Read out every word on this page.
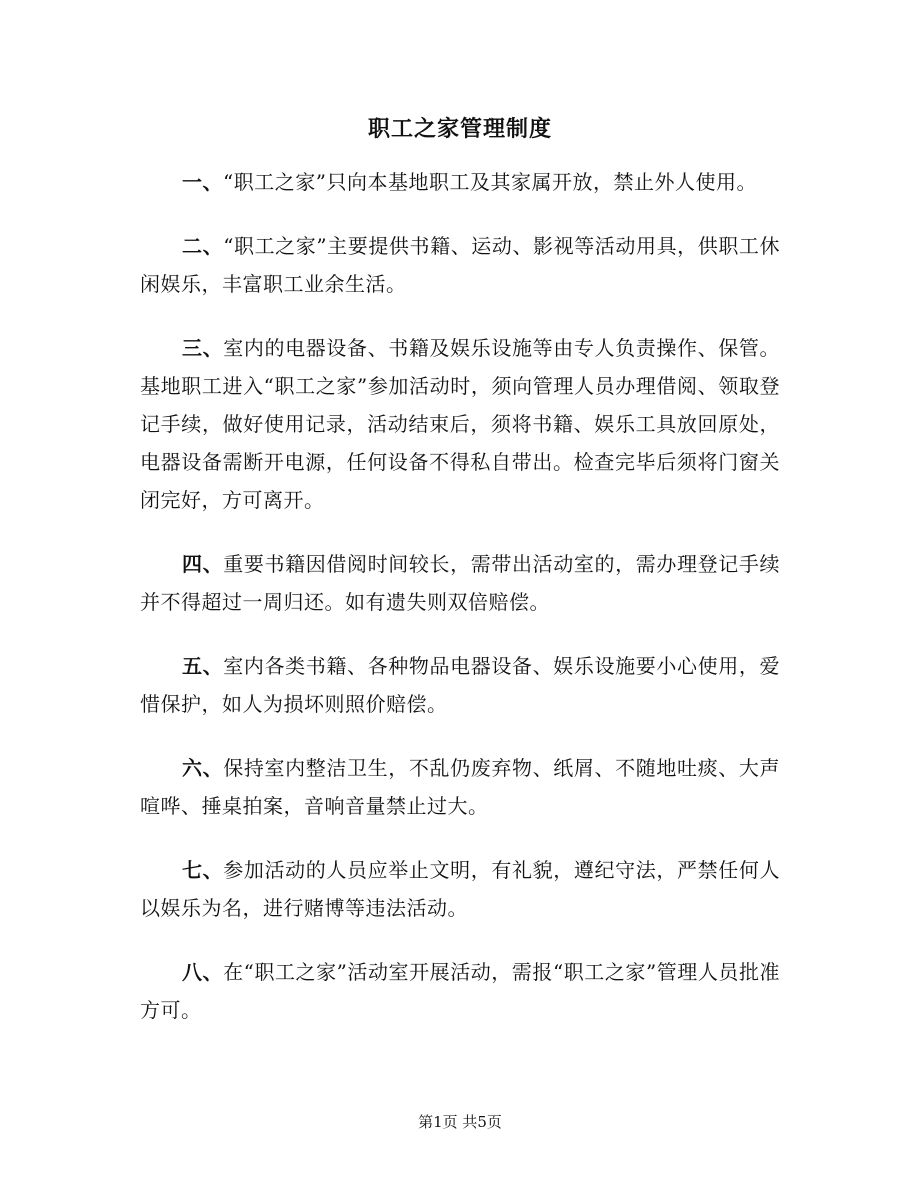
职工之家管理制度

一、“职工之家”只向本基地职工及其家属开放，禁止外人使用。

二、“职工之家”主要提供书籍、运动、影视等活动用具，供职工休闲娱乐，丰富职工业余生活。

三、室内的电器设备、书籍及娱乐设施等由专人负责操作、保管。基地职工进入“职工之家”参加活动时，须向管理人员办理借阅、领取登记手续，做好使用记录，活动结束后，须将书籍、娱乐工具放回原处，电器设备需断开电源，任何设备不得私自带出。检查完毕后须将门窗关闭完好，方可离开。

四、重要书籍因借阅时间较长，需带出活动室的，需办理登记手续并不得超过一周归还。如有遗失则双倍赔偿。

五、室内各类书籍、各种物品电器设备、娱乐设施要小心使用，爱惜保护，如人为损坏则照价赔偿。

六、保持室内整洁卫生，不乱仍废弃物、纸屑、不随地吐痰、大声喧哗、捶桌拍案，音响音量禁止过大。

七、参加活动的人员应举止文明，有礼貌，遵纪守法，严禁任何人以娱乐为名，进行赌博等违法活动。

八、在“职工之家”活动室开展活动，需报“职工之家”管理人员批准方可。

第1页 共5页
